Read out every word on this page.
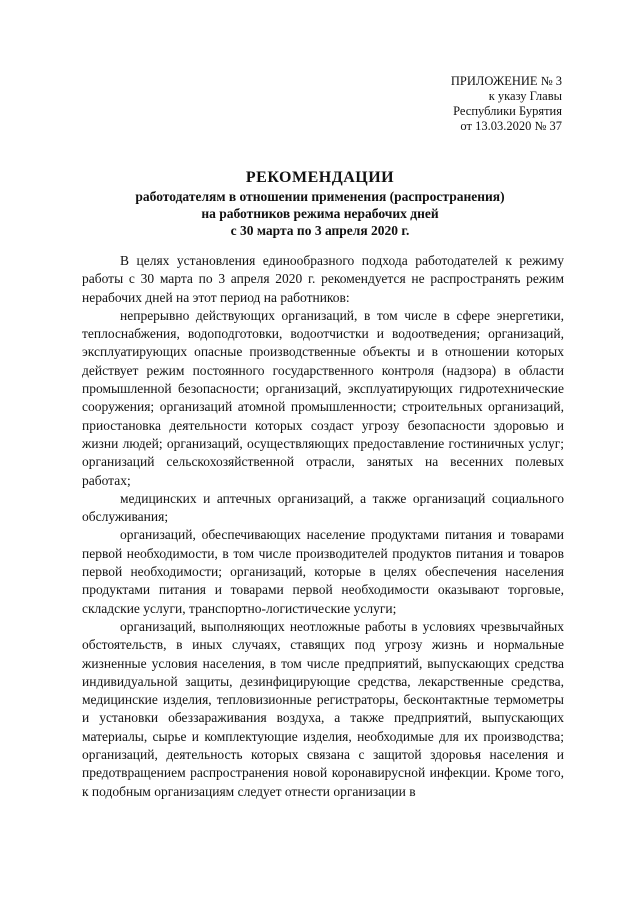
ПРИЛОЖЕНИЕ № 3
к указу Главы
Республики Бурятия
от 13.03.2020 № 37
РЕКОМЕНДАЦИИ
работодателям в отношении применения (распространения)
на работников режима нерабочих дней
с 30 марта по 3 апреля 2020 г.

В целях установления единообразного подхода работодателей к режиму работы с 30 марта по 3 апреля 2020 г. рекомендуется не распространять режим нерабочих дней на этот период на работников:

непрерывно действующих организаций, в том числе в сфере энергетики, теплоснабжения, водоподготовки, водоотчистки и водоотведения; организаций, эксплуатирующих опасные производственные объекты и в отношении которых действует режим постоянного государственного контроля (надзора) в области промышленной безопасности; организаций, эксплуатирующих гидротехнические сооружения; организаций атомной промышленности; строительных организаций, приостановка деятельности которых создаст угрозу безопасности здоровью и жизни людей; организаций, осуществляющих предоставление гостиничных услуг; организаций сельскохозяйственной отрасли, занятых на весенних полевых работах;

медицинских и аптечных организаций, а также организаций социального обслуживания;

организаций, обеспечивающих население продуктами питания и товарами первой необходимости, в том числе производителей продуктов питания и товаров первой необходимости; организаций, которые в целях обеспечения населения продуктами питания и товарами первой необходимости оказывают торговые, складские услуги, транспортно-логистические услуги;

организаций, выполняющих неотложные работы в условиях чрезвычайных обстоятельств, в иных случаях, ставящих под угрозу жизнь и нормальные жизненные условия населения, в том числе предприятий, выпускающих средства индивидуальной защиты, дезинфицирующие средства, лекарственные средства, медицинские изделия, тепловизионные регистраторы, бесконтактные термометры и установки обеззараживания воздуха, а также предприятий, выпускающих материалы, сырье и комплектующие изделия, необходимые для их производства; организаций, деятельность которых связана с защитой здоровья населения и предотвращением распространения новой коронавирусной инфекции. Кроме того, к подобным организациям следует отнести организации в
